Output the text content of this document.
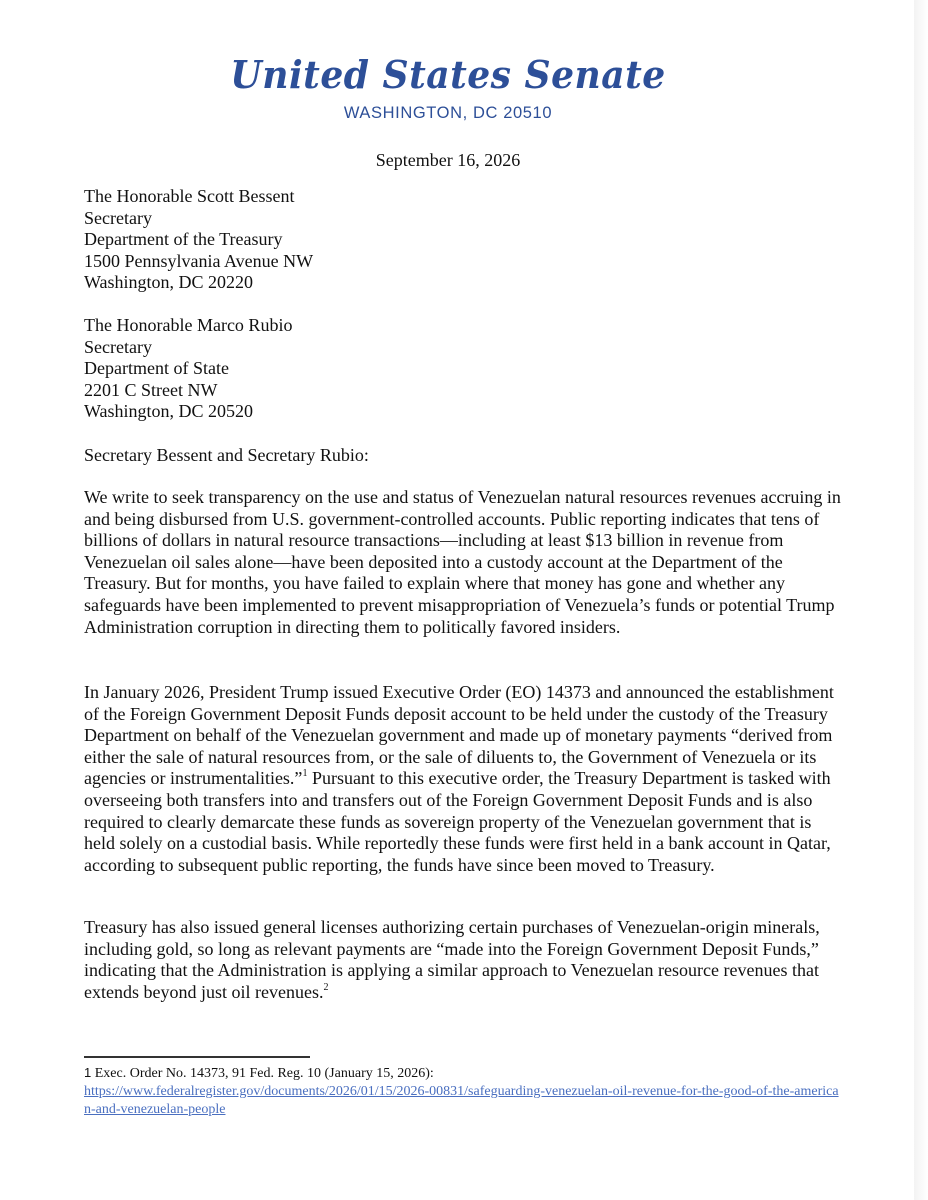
United States Senate
WASHINGTON, DC 20510

September 16, 2026

The Honorable Scott Bessent
Secretary
Department of the Treasury
1500 Pennsylvania Avenue NW
Washington, DC 20220
The Honorable Marco Rubio
Secretary
Department of State
2201 C Street NW
Washington, DC 20520

Secretary Bessent and Secretary Rubio:

We write to seek transparency on the use and status of Venezuelan natural resources revenues accruing in and being disbursed from U.S. government-controlled accounts. Public reporting indicates that tens of billions of dollars in natural resource transactions—including at least $13 billion in revenue from Venezuelan oil sales alone—have been deposited into a custody account at the Department of the Treasury. But for months, you have failed to explain where that money has gone and whether any safeguards have been implemented to prevent misappropriation of Venezuela’s funds or potential Trump Administration corruption in directing them to politically favored insiders.

In January 2026, President Trump issued Executive Order (EO) 14373 and announced the establishment of the Foreign Government Deposit Funds deposit account to be held under the custody of the Treasury Department on behalf of the Venezuelan government and made up of monetary payments “derived from either the sale of natural resources from, or the sale of diluents to, the Government of Venezuela or its agencies or instrumentalities.”$^1$ Pursuant to this executive order, the Treasury Department is tasked with overseeing both transfers into and transfers out of the Foreign Government Deposit Funds and is also required to clearly demarcate these funds as sovereign property of the Venezuelan government that is held solely on a custodial basis. While reportedly these funds were first held in a bank account in Qatar, according to subsequent public reporting, the funds have since been moved to Treasury.

Treasury has also issued general licenses authorizing certain purchases of Venezuelan-origin minerals, including gold, so long as relevant payments are “made into the Foreign Government Deposit Funds,” indicating that the Administration is applying a similar approach to Venezuelan resource revenues that extends beyond just oil revenues.$^2$

1 Exec. Order No. 14373, 91 Fed. Reg. 10 (January 15, 2026):
https://www.federalregister.gov/documents/2026/01/15/2026-00831/safeguarding-venezuelan-oil-revenue-for-the-good-of-the-american-and-venezuelan-people
